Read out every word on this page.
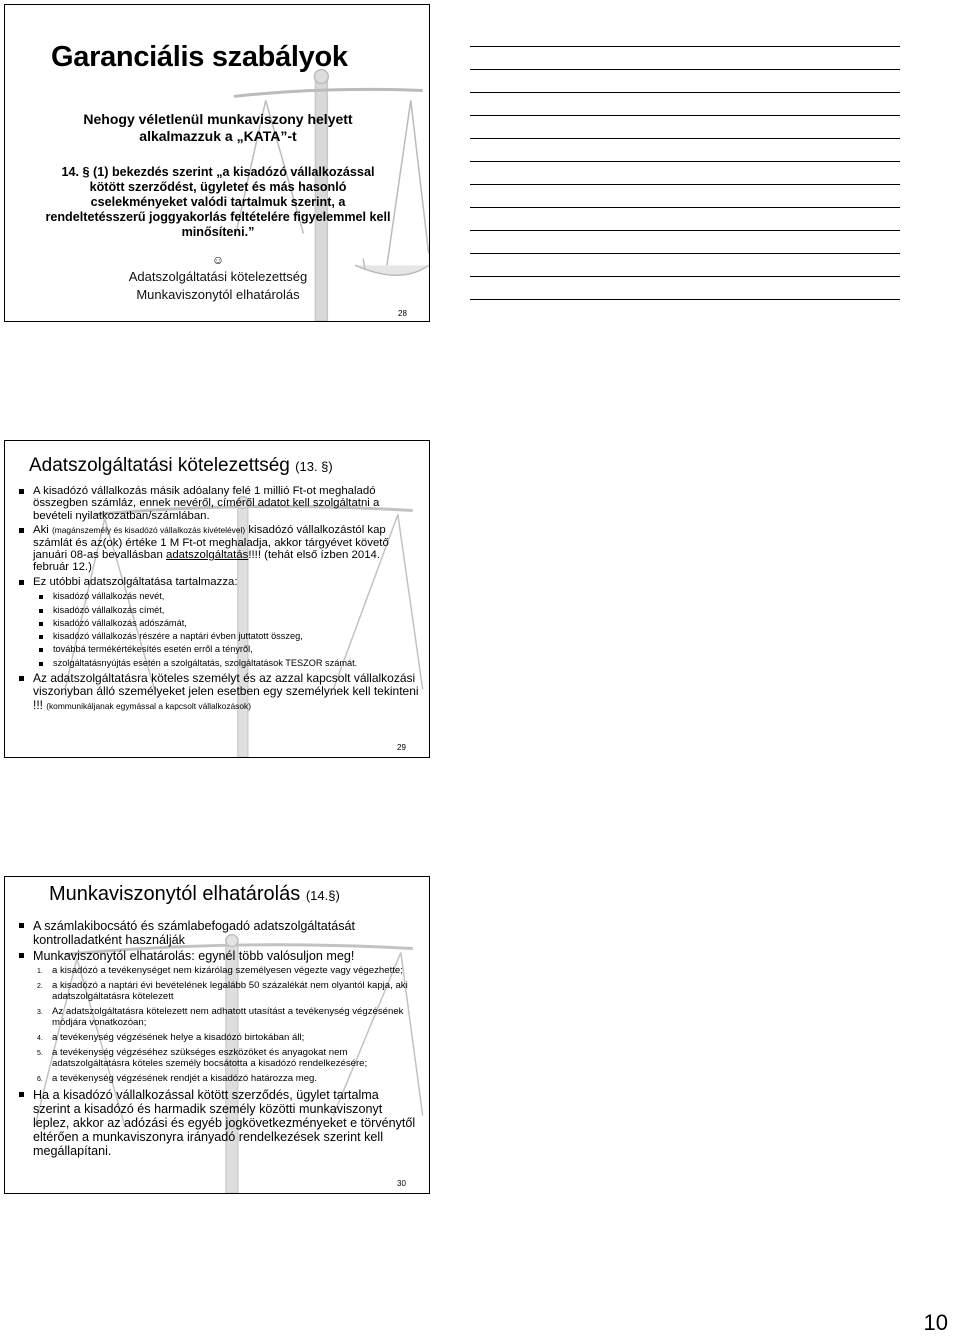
Garanciális szabályok
Nehogy véletlenül munkaviszony helyett
alkalmazzuk a „KATA”-t
14. § (1) bekezdés szerint „a kisadózó vállalkozással
kötött szerződést, ügyletet és más hasonló
cselekményeket valódi tartalmuk szerint, a
rendeltetésszerű joggyakorlás feltételére figyelemmel kell
minősíteni.”
☺
Adatszolgáltatási kötelezettség
Munkaviszonytól elhatárolás
28
Adatszolgáltatási kötelezettség (13. §)
A kisadózó vállalkozás másik adóalany felé 1 millió Ft-ot meghaladó összegben számláz, ennek nevéről, címéről adatot kell szolgáltatni a bevételi nyilatkozatban/számlában.
Aki (magánszemély és kisadózó vállalkozás kivételével) kisadózó vállalkozástól kap számlát és az(ok) értéke 1 M Ft-ot meghaladja, akkor tárgyévet követő januári 08-as bevallásban adatszolgáltatás!!!! (tehát első ízben 2014. február 12.)
Ez utóbbi adatszolgáltatása tartalmazza:
kisadózó vállalkozás nevét,
kisadózó vállalkozás címét,
kisadózó vállalkozás adószámát,
kisadózó vállalkozás részére a naptári évben juttatott összeg,
továbbá termékértékesítés esetén erről a tényről,
szolgáltatásnyújtás esetén a szolgáltatás, szolgáltatások TESZOR számát.
Az adatszolgáltatásra köteles személyt és az azzal kapcsolt vállalkozási viszonyban álló személyeket jelen esetben egy személynek kell tekinteni !!! (kommunikáljanak egymással a kapcsolt vállalkozások)
29
Munkaviszonytól elhatárolás (14.§)
A számlakibocsátó és számlabefogadó adatszolgáltatását kontrolladatként használják
Munkaviszonytól elhatárolás: egynél több valósuljon meg!
1. a kisadózó a tevékenységet nem kizárólag személyesen végezte vagy végezhette;
2. a kisadózó a naptári évi bevételének legalább 50 százalékát nem olyantól kapja, aki adatszolgáltatásra kötelezett
3. Az adatszolgáltatásra kötelezett nem adhatott utasítást a tevékenység végzésének módjára vonatkozóan;
4. a tevékenység végzésének helye a kisadózó birtokában áll;
5. a tevékenység végzéséhez szükséges eszközöket és anyagokat nem adatszolgáltatásra köteles személy bocsátotta a kisadózó rendelkezésére;
6. a tevékenység végzésének rendjét a kisadózó határozza meg.
Ha a kisadózó vállalkozással kötött szerződés, ügylet tartalma szerint a kisadózó és harmadik személy közötti munkaviszonyt leplez, akkor az adózási és egyéb jogkövetkezményeket e törvénytől eltérően a munkaviszonyra irányadó rendelkezések szerint kell megállapítani.
30
10
